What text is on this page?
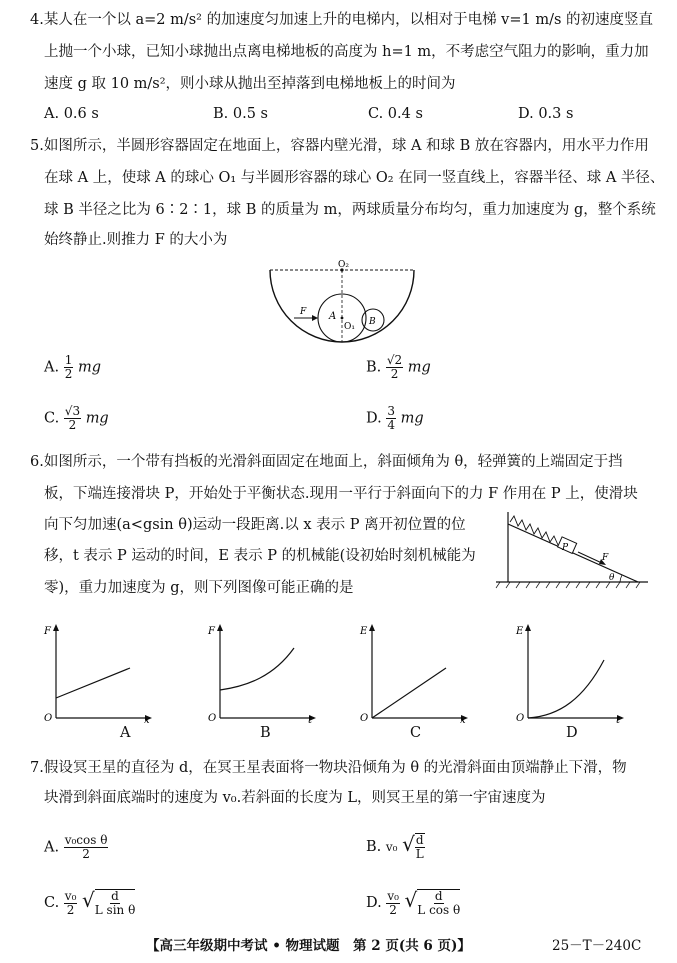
4.某人在一个以 a=2 m/s² 的加速度匀加速上升的电梯内，以相对于电梯 v=1 m/s 的初速度竖直
上抛一个小球，已知小球抛出点离电梯地板的高度为 h=1 m，不考虑空气阻力的影响，重力加
速度 g 取 10 m/s²，则小球从抛出至掉落到电梯地板上的时间为
A. 0.6 s	B. 0.5 s	C. 0.4 s	D. 0.3 s
5.如图所示，半圆形容器固定在地面上，容器内壁光滑，球 A 和球 B 放在容器内，用水平力作用
在球 A 上，使球 A 的球心 O₁ 与半圆形容器的球心 O₂ 在同一竖直线上，容器半径、球 A 半径、
球 B 半径之比为 6∶2∶1，球 B 的质量为 m，两球质量分布均匀，重力加速度为 g，整个系统
始终静止.则推力 F 的大小为
O₂
O₁
A	B
F
A. $\frac{1}{2}$ mg	B. $\frac{√2}{2}$ mg
C. $\frac{√3}{2}$ mg	D. $\frac{3}{4}$ mg
6.如图所示，一个带有挡板的光滑斜面固定在地面上，斜面倾角为 θ，轻弹簧的上端固定于挡
板，下端连接滑块 P，开始处于平衡状态.现用一平行于斜面向下的力 F 作用在 P 上，使滑块
向下匀加速(a<gsin θ)运动一段距离.以 x 表示 P 离开初位置的位
移，t 表示 P 运动的时间，E 表示 P 的机械能(设初始时刻机械能为
零)，重力加速度为 g，则下列图像可能正确的是
P
F
θ
F
x
O
A
F
t
O
B
E
x
O
C
E
t
O
D
7.假设冥王星的直径为 d，在冥王星表面将一物块沿倾角为 θ 的光滑斜面由顶端静止下滑，物
块滑到斜面底端时的速度为 v₀.若斜面的长度为 L，则冥王星的第一宇宙速度为
A. $\frac{\text{v₀cos θ}}{2}$	B. v₀ √ $\frac{d}{L}$
C. $\frac{\text{v₀}}{2}$ √ $\frac{d}{\text{L sin θ}}$	D. $\frac{\text{v₀}}{2}$ √ $\frac{d}{\text{L cos θ}}$
【高三年级期中考试 • 物理试题　第 2 页(共 6 页)】	25－T－240C
